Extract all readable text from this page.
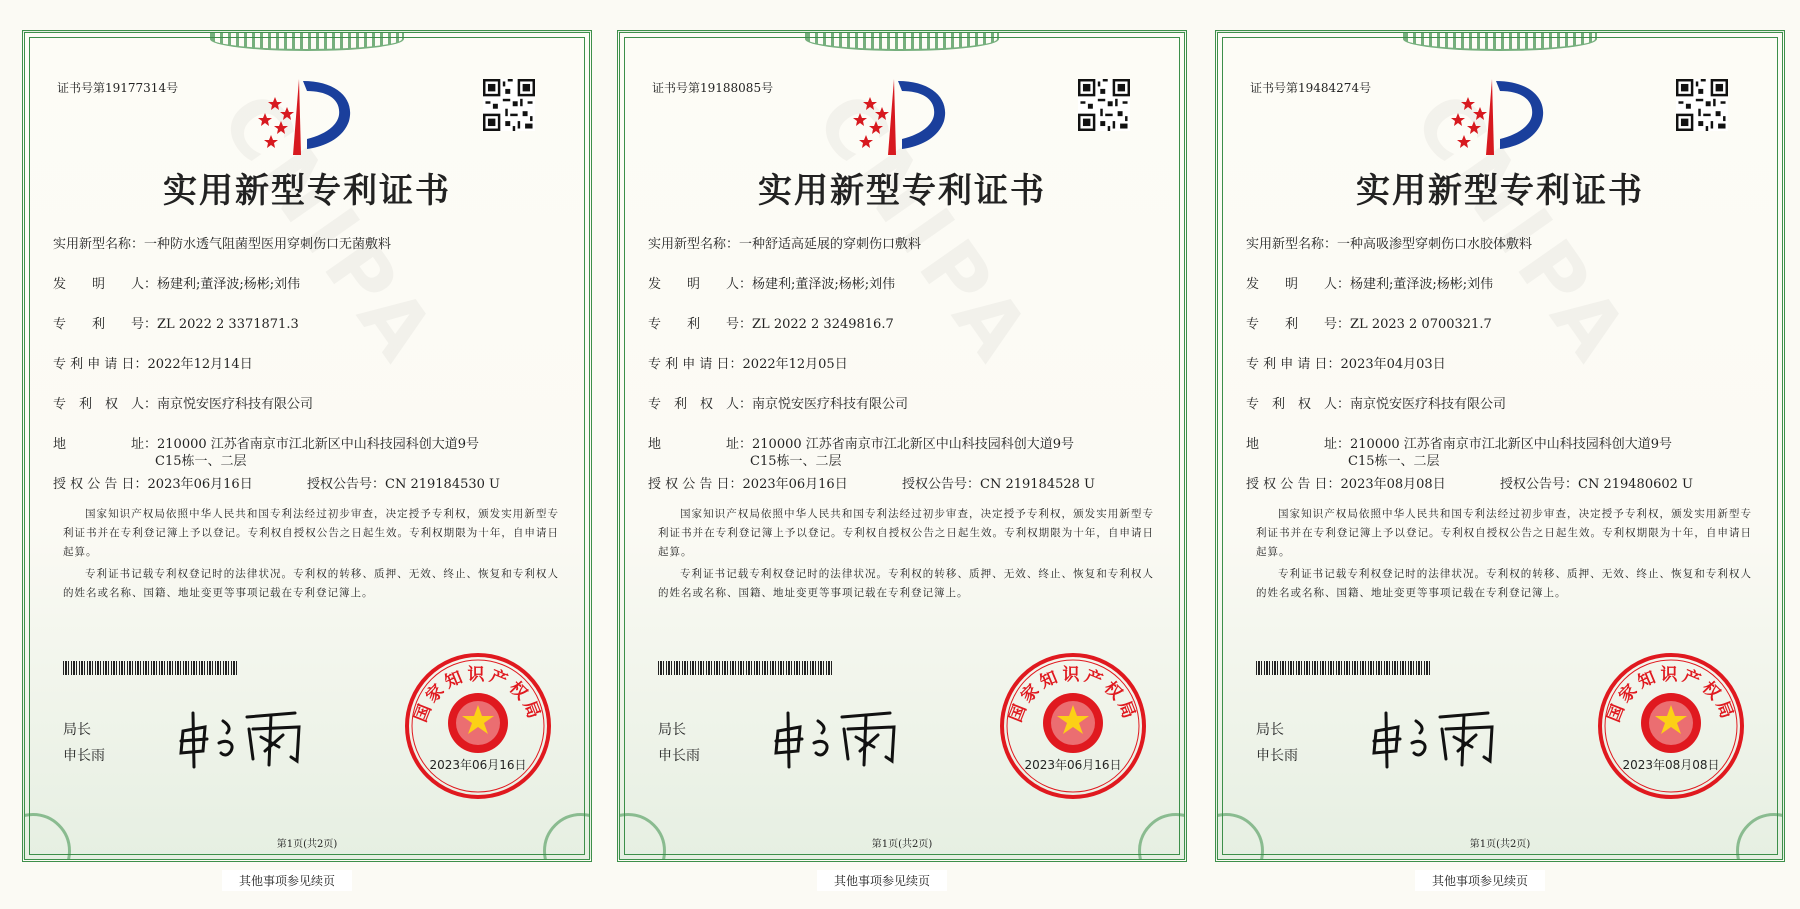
证书号第19177314号
实用新型专利证书
实用新型名称：一种防水透气阻菌型医用穿刺伤口无菌敷料
发　　明　　人：杨建利;董泽波;杨彬;刘伟
专　　利　　号：ZL 2022 2 3371871.3
专 利 申 请 日：2022年12月14日
专　利　权　人：南京悦安医疗科技有限公司
地　　　　　址：210000 江苏省南京市江北新区中山科技园科创大道9号
C15栋一、二层
授 权 公 告 日：2023年06月16日	授权公告号：CN 219184530 U
国家知识产权局依照中华人民共和国专利法经过初步审查，决定授予专利权，颁发实用新型专利证书并在专利登记簿上予以登记。专利权自授权公告之日起生效。专利权期限为十年，自申请日起算。
专利证书记载专利权登记时的法律状况。专利权的转移、质押、无效、终止、恢复和专利权人的姓名或名称、国籍、地址变更等事项记载在专利登记簿上。
局长
申长雨
国家知识产权局
2023年06月16日
第1页(共2页)
其他事项参见续页
证书号第19188085号
实用新型专利证书
实用新型名称：一种舒适高延展的穿刺伤口敷料
发　　明　　人：杨建利;董泽波;杨彬;刘伟
专　　利　　号：ZL 2022 2 3249816.7
专 利 申 请 日：2022年12月05日
专　利　权　人：南京悦安医疗科技有限公司
地　　　　　址：210000 江苏省南京市江北新区中山科技园科创大道9号
C15栋一、二层
授 权 公 告 日：2023年06月16日	授权公告号：CN 219184528 U
国家知识产权局依照中华人民共和国专利法经过初步审查，决定授予专利权，颁发实用新型专利证书并在专利登记簿上予以登记。专利权自授权公告之日起生效。专利权期限为十年，自申请日起算。
专利证书记载专利权登记时的法律状况。专利权的转移、质押、无效、终止、恢复和专利权人的姓名或名称、国籍、地址变更等事项记载在专利登记簿上。
局长
申长雨
国家知识产权局
2023年06月16日
第1页(共2页)
其他事项参见续页
证书号第19484274号
实用新型专利证书
实用新型名称：一种高吸渗型穿刺伤口水胶体敷料
发　　明　　人：杨建利;董泽波;杨彬;刘伟
专　　利　　号：ZL 2023 2 0700321.7
专 利 申 请 日：2023年04月03日
专　利　权　人：南京悦安医疗科技有限公司
地　　　　　址：210000 江苏省南京市江北新区中山科技园科创大道9号
C15栋一、二层
授 权 公 告 日：2023年08月08日	授权公告号：CN 219480602 U
国家知识产权局依照中华人民共和国专利法经过初步审查，决定授予专利权，颁发实用新型专利证书并在专利登记簿上予以登记。专利权自授权公告之日起生效。专利权期限为十年，自申请日起算。
专利证书记载专利权登记时的法律状况。专利权的转移、质押、无效、终止、恢复和专利权人的姓名或名称、国籍、地址变更等事项记载在专利登记簿上。
局长
申长雨
国家知识产权局
2023年08月08日
第1页(共2页)
其他事项参见续页
